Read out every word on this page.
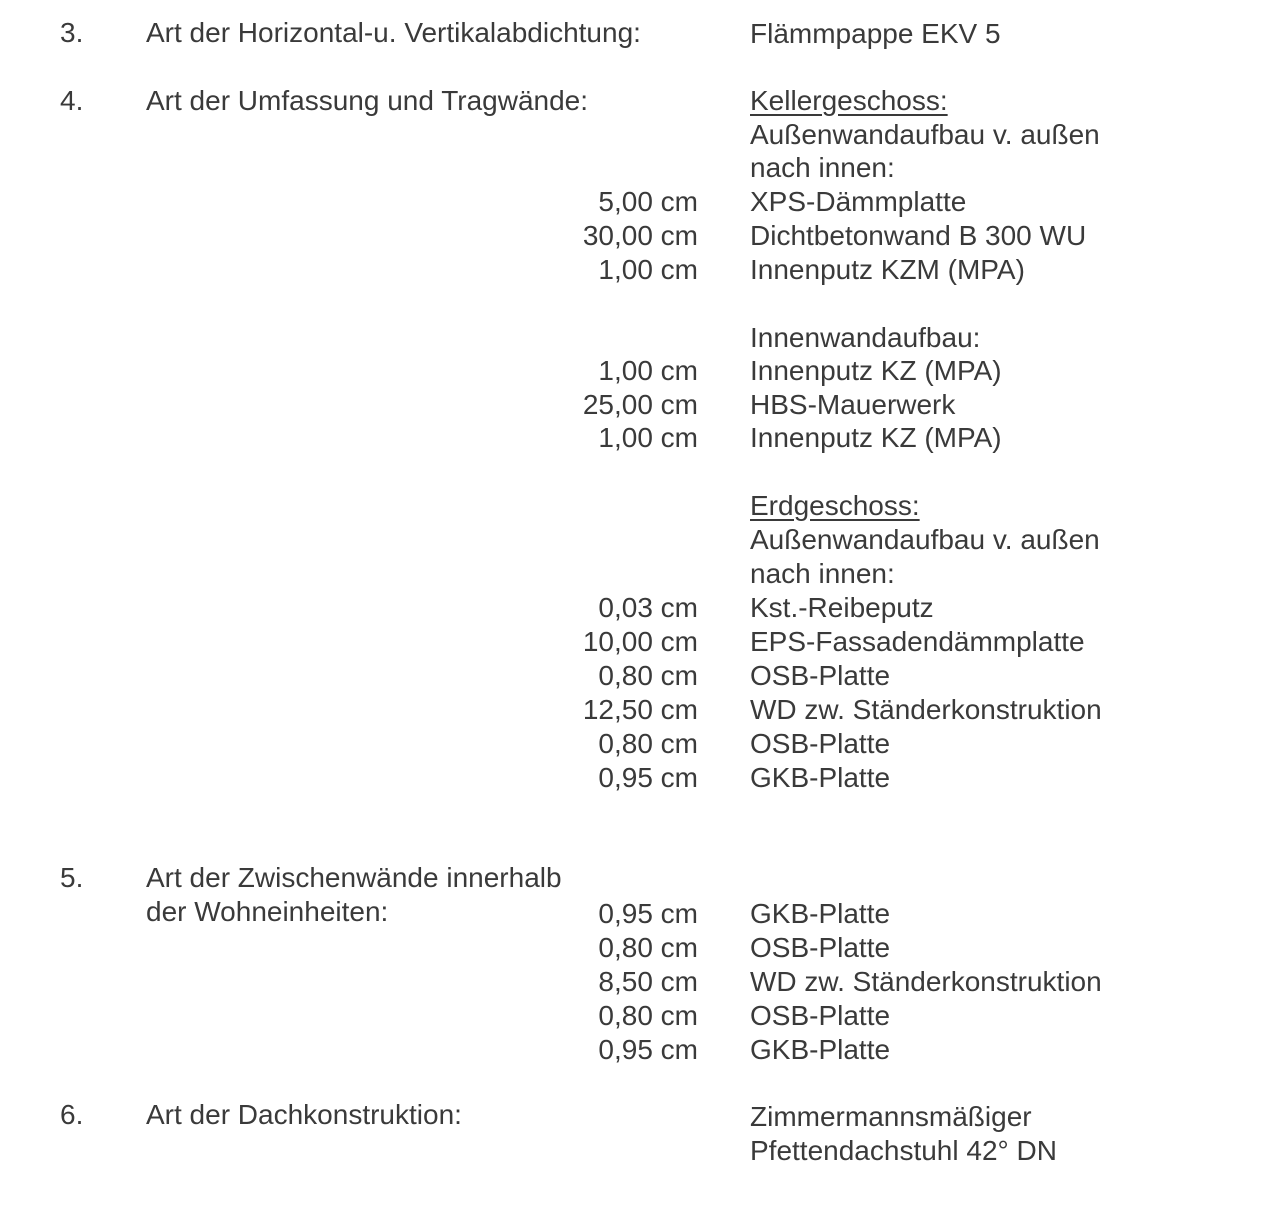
3. Art der Horizontal-u. Vertikalabdichtung:	Flämmpappe EKV 5
4. Art der Umfassung und Tragwände:	Kellergeschoss:
Außenwandaufbau v. außen
nach innen:
5,00 cm XPS-Dämmplatte
30,00 cm Dichtbetonwand B 300 WU
1,00 cm Innenputz KZM (MPA)
Innenwandaufbau:
1,00 cm Innenputz KZ (MPA)
25,00 cm HBS-Mauerwerk
1,00 cm Innenputz KZ (MPA)
Erdgeschoss:
Außenwandaufbau v. außen
nach innen:
0,03 cm Kst.-Reibeputz
10,00 cm EPS-Fassadendämmplatte
0,80 cm OSB-Platte
12,50 cm WD zw. Ständerkonstruktion
0,80 cm OSB-Platte
0,95 cm GKB-Platte
5. Art der Zwischenwände innerhalb
der Wohneinheiten:	0,95 cm GKB-Platte
0,80 cm OSB-Platte
8,50 cm WD zw. Ständerkonstruktion
0,80 cm OSB-Platte
0,95 cm GKB-Platte
6. Art der Dachkonstruktion:	Zimmermannsmäßiger
Pfettendachstuhl 42° DN
